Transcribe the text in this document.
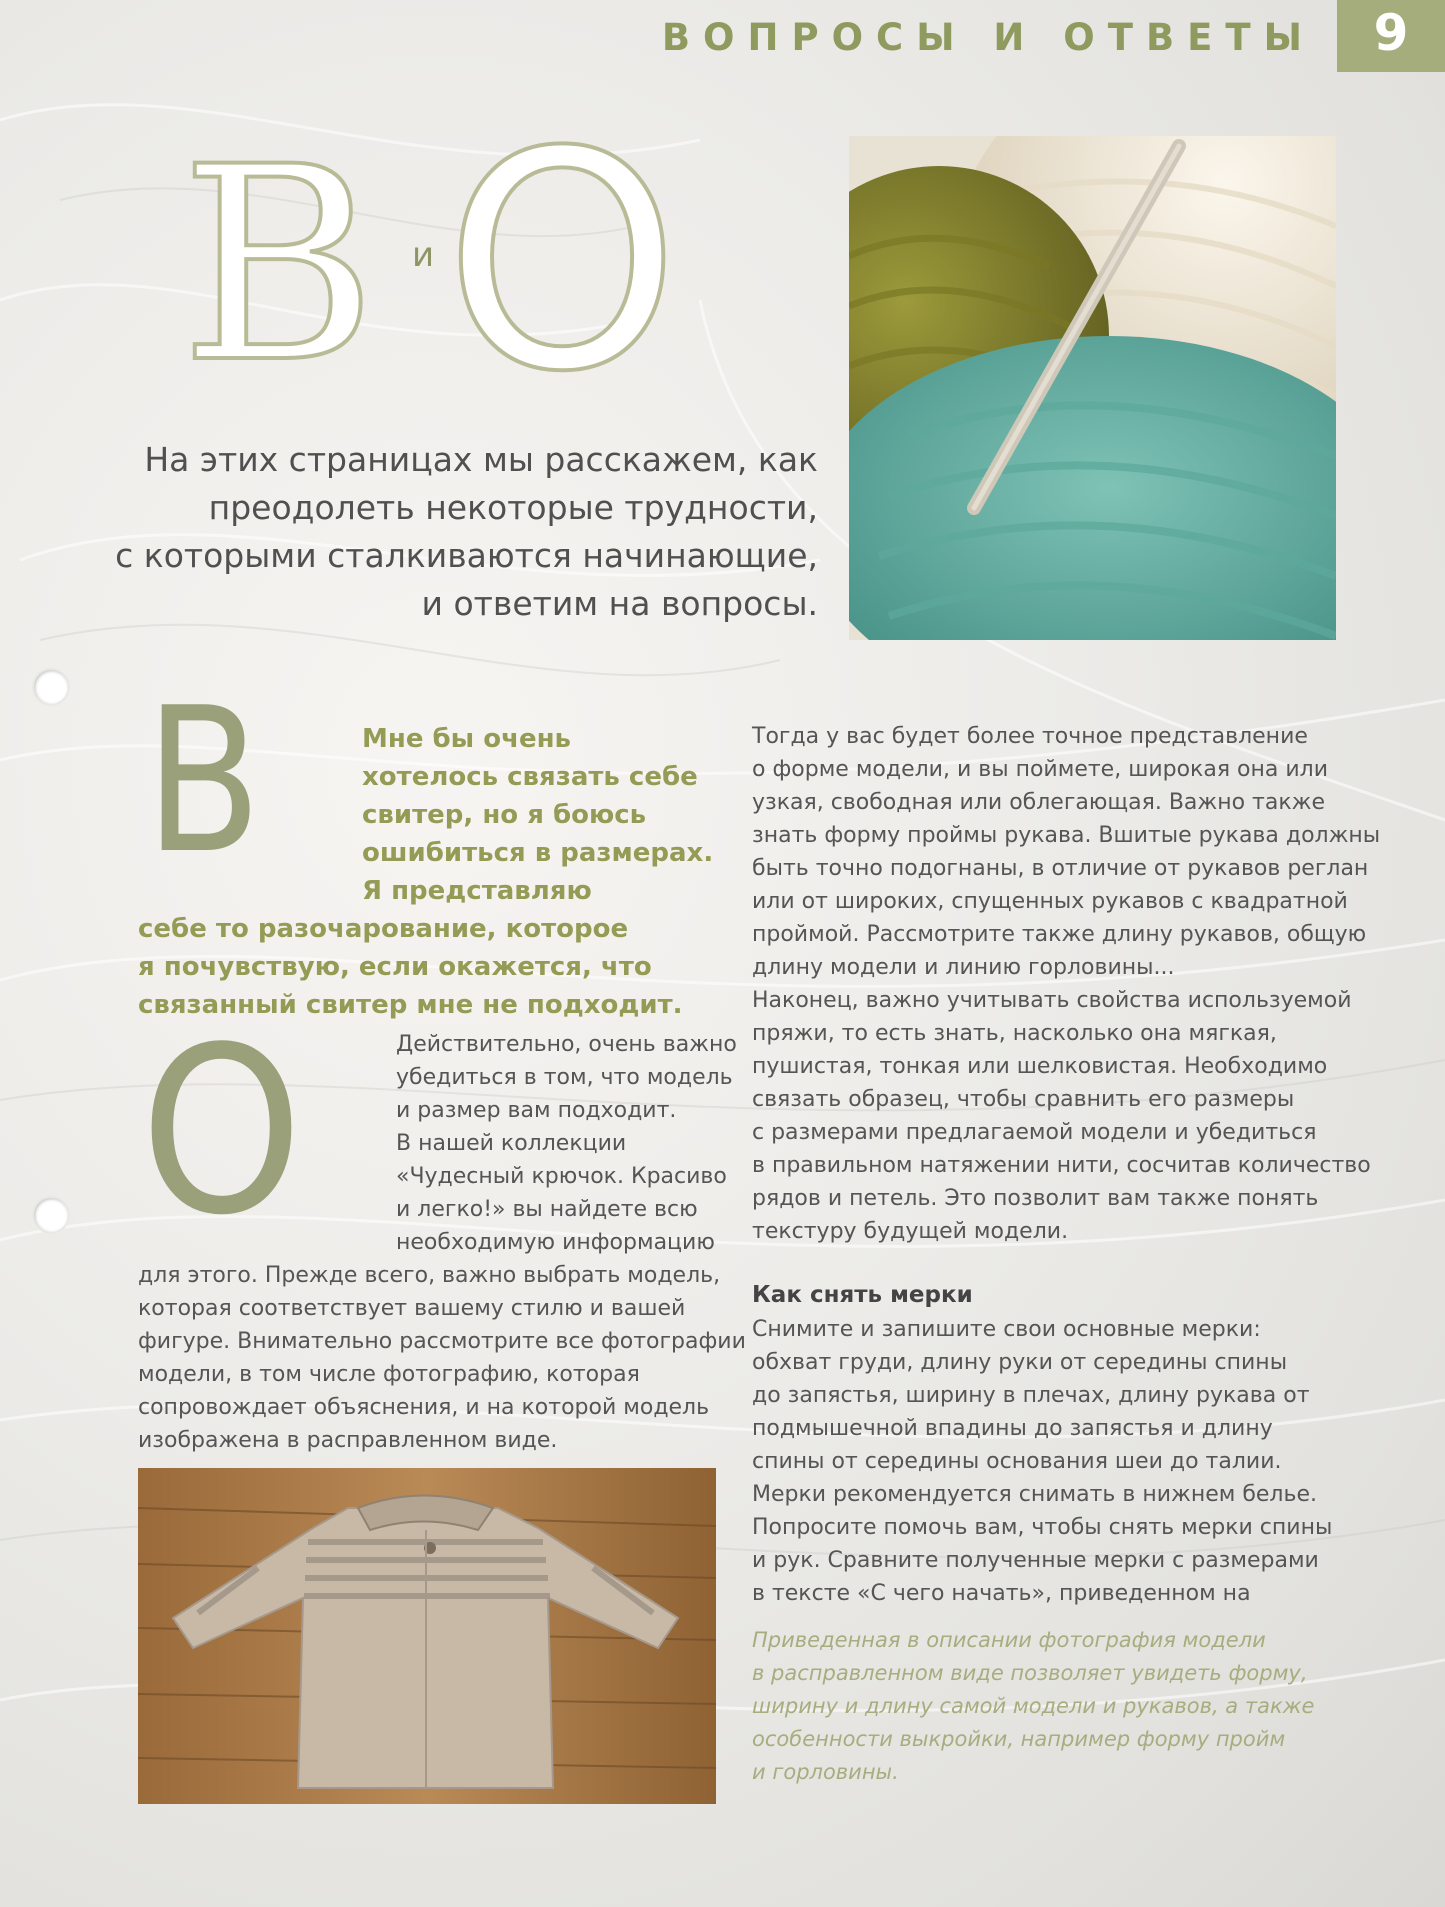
ВОПРОСЫ И ОТВЕТЫ	9
В и О
На этих страницах мы расскажем, как
преодолеть некоторые трудности,
с которыми сталкиваются начинающие,
и ответим на вопросы.
В
О
Мне бы очень
хотелось связать себе
свитер, но я боюсь
ошибиться в размерах.
Я представляю
себе то разочарование, которое
я почувствую, если окажется, что
связанный свитер мне не подходит.
Действительно, очень важно
убедиться в том, что модель
и размер вам подходит.
В нашей коллекции
«Чудесный крючок. Красиво
и легко!» вы найдете всю
необходимую информацию
для этого. Прежде всего, важно выбрать модель,
которая соответствует вашему стилю и вашей
фигуре. Внимательно рассмотрите все фотографии
модели, в том числе фотографию, которая
сопровождает объяснения, и на которой модель
изображена в расправленном виде.
Тогда у вас будет более точное представление
о форме модели, и вы поймете, широкая она или
узкая, свободная или облегающая. Важно также
знать форму проймы рукава. Вшитые рукава должны
быть точно подогнаны, в отличие от рукавов реглан
или от широких, спущенных рукавов с квадратной
проймой. Рассмотрите также длину рукавов, общую
длину модели и линию горловины...
Наконец, важно учитывать свойства используемой
пряжи, то есть знать, насколько она мягкая,
пушистая, тонкая или шелковистая. Необходимо
связать образец, чтобы сравнить его размеры
с размерами предлагаемой модели и убедиться
в правильном натяжении нити, сосчитав количество
рядов и петель. Это позволит вам также понять
текстуру будущей модели.
Как снять мерки
Снимите и запишите свои основные мерки:
обхват груди, длину руки от середины спины
до запястья, ширину в плечах, длину рукава от
подмышечной впадины до запястья и длину
спины от середины основания шеи до талии.
Мерки рекомендуется снимать в нижнем белье.
Попросите помочь вам, чтобы снять мерки спины
и рук. Сравните полученные мерки с размерами
в тексте «С чего начать», приведенном на
Приведенная в описании фотография модели
в расправленном виде позволяет увидеть форму,
ширину и длину самой модели и рукавов, а также
особенности выкройки, например форму пройм
и горловины.
